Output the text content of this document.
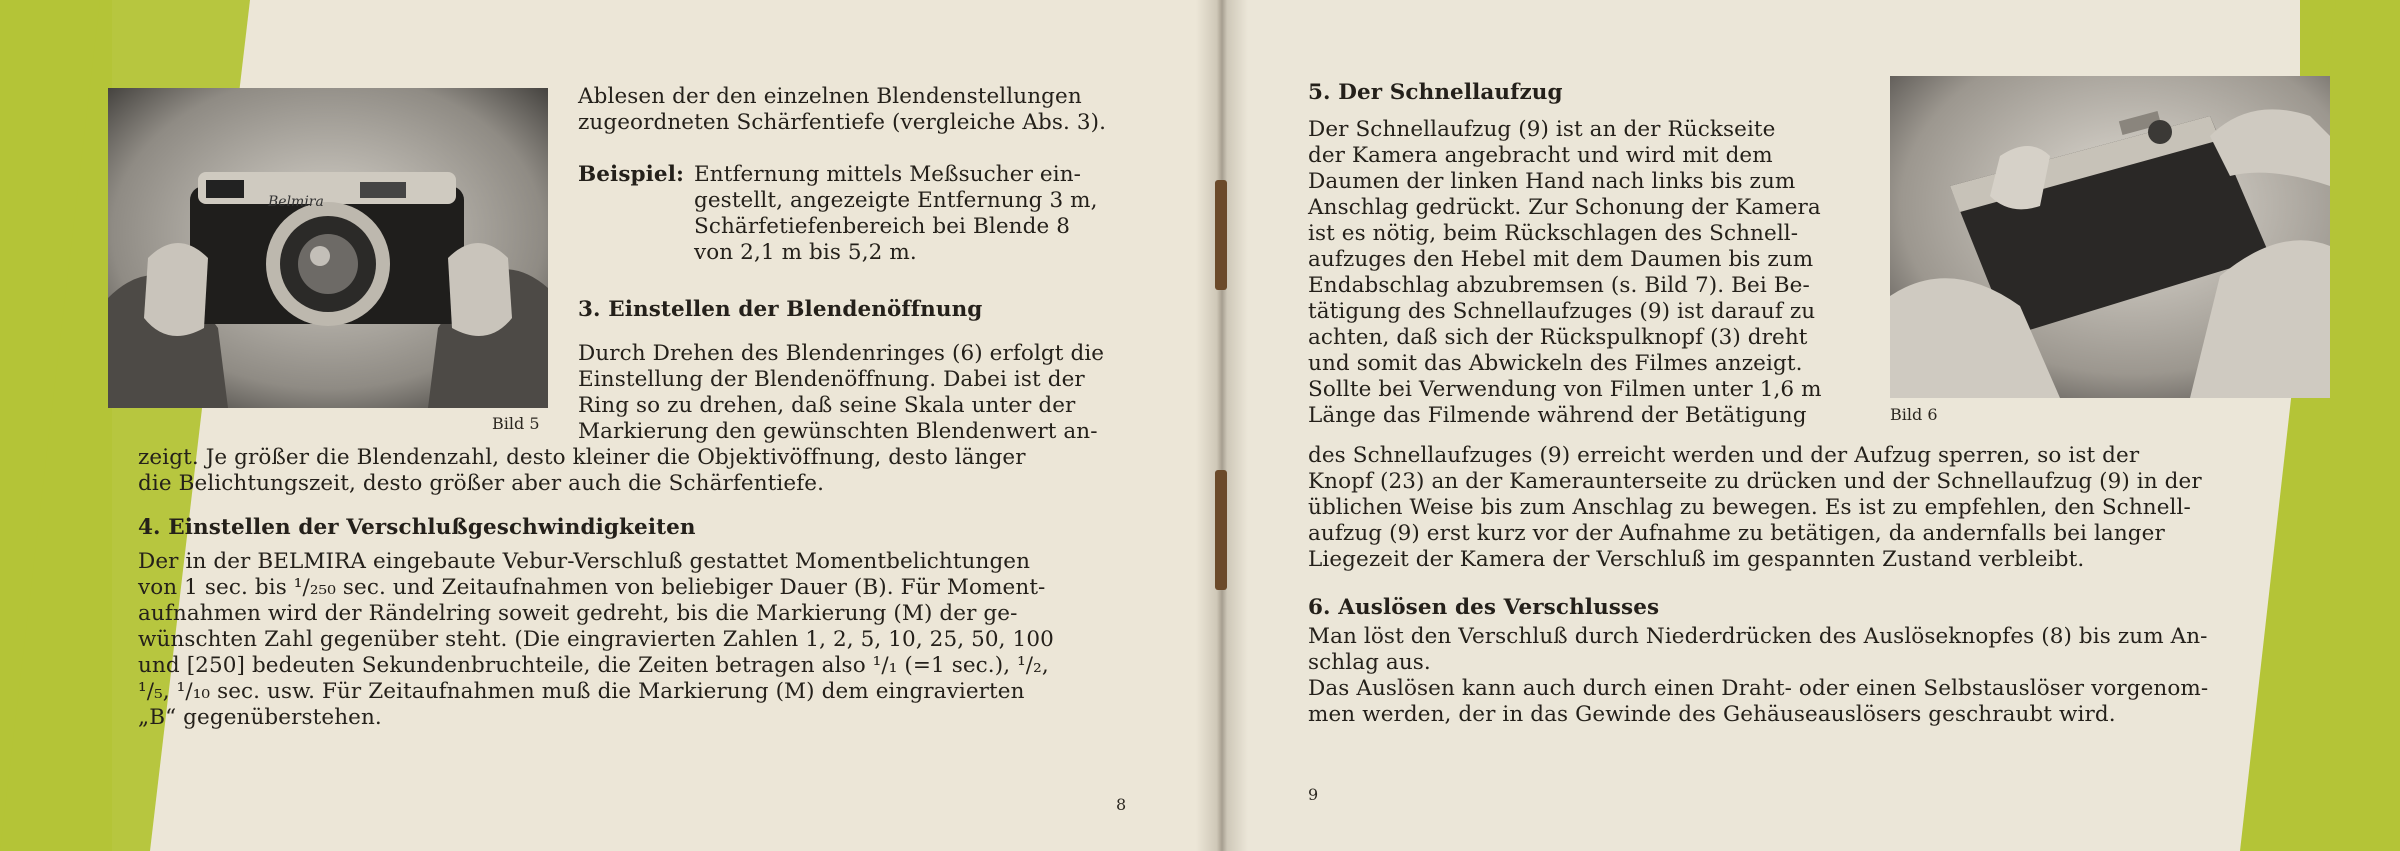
Belmira
Bild 5
Ablesen der den einzelnen Blendenstellungen
zugeordneten Schärfentiefe (vergleiche Abs. 3).
Beispiel: Entfernung mittels Meßsucher ein-
gestellt, angezeigte Entfernung 3 m,
Schärfetiefenbereich bei Blende 8
von 2,1 m bis 5,2 m.
3. Einstellen der Blendenöffnung
Durch Drehen des Blendenringes (6) erfolgt die
Einstellung der Blendenöffnung. Dabei ist der
Ring so zu drehen, daß seine Skala unter der
Markierung den gewünschten Blendenwert an-
zeigt. Je größer die Blendenzahl, desto kleiner die Objektivöffnung, desto länger
die Belichtungszeit, desto größer aber auch die Schärfentiefe.
4. Einstellen der Verschlußgeschwindigkeiten
Der in der BELMIRA eingebaute Vebur-Verschluß gestattet Momentbelichtungen
von 1 sec. bis ¹/₂₅₀ sec. und Zeitaufnahmen von beliebiger Dauer (B). Für Moment-
aufnahmen wird der Rändelring soweit gedreht, bis die Markierung (M) der ge-
wünschten Zahl gegenüber steht. (Die eingravierten Zahlen 1, 2, 5, 10, 25, 50, 100
und [250] bedeuten Sekundenbruchteile, die Zeiten betragen also ¹/₁ (=1 sec.), ¹/₂,
¹/₅, ¹/₁₀ sec. usw. Für Zeitaufnahmen muß die Markierung (M) dem eingravierten
„B“ gegenüberstehen.
8
Bild 6
5. Der Schnellaufzug
Der Schnellaufzug (9) ist an der Rückseite
der Kamera angebracht und wird mit dem
Daumen der linken Hand nach links bis zum
Anschlag gedrückt. Zur Schonung der Kamera
ist es nötig, beim Rückschlagen des Schnell-
aufzuges den Hebel mit dem Daumen bis zum
Endabschlag abzubremsen (s. Bild 7). Bei Be-
tätigung des Schnellaufzuges (9) ist darauf zu
achten, daß sich der Rückspulknopf (3) dreht
und somit das Abwickeln des Filmes anzeigt.
Sollte bei Verwendung von Filmen unter 1,6 m
Länge das Filmende während der Betätigung
des Schnellaufzuges (9) erreicht werden und der Aufzug sperren, so ist der
Knopf (23) an der Kameraunterseite zu drücken und der Schnellaufzug (9) in der
üblichen Weise bis zum Anschlag zu bewegen. Es ist zu empfehlen, den Schnell-
aufzug (9) erst kurz vor der Aufnahme zu betätigen, da andernfalls bei langer
Liegezeit der Kamera der Verschluß im gespannten Zustand verbleibt.
6. Auslösen des Verschlusses
Man löst den Verschluß durch Niederdrücken des Auslöseknopfes (8) bis zum An-
schlag aus.
Das Auslösen kann auch durch einen Draht- oder einen Selbstauslöser vorgenom-
men werden, der in das Gewinde des Gehäuseauslösers geschraubt wird.
9
